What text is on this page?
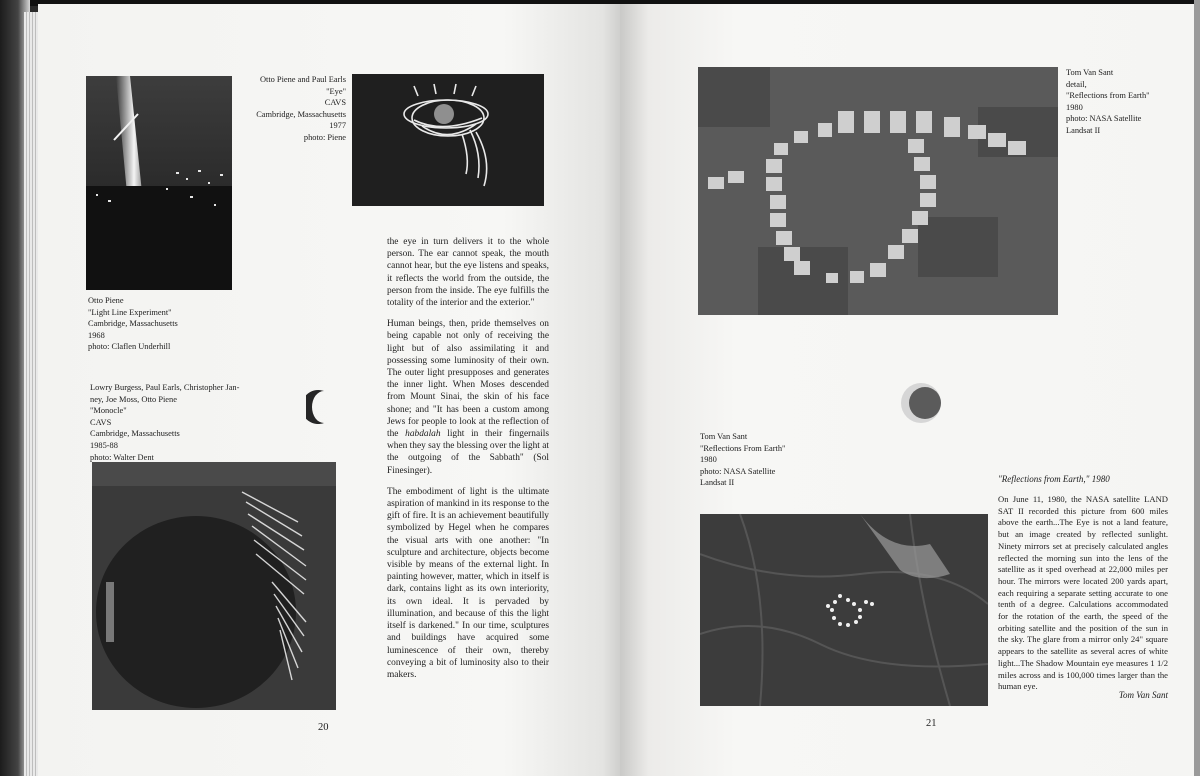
Otto Piene
"Light Line Experiment"
Cambridge, Massachusetts
1968
photo: Claflen Underhill
Otto Piene and Paul Earls
"Eye"
CAVS
Cambridge, Massachusetts
1977
photo: Piene
Lowry Burgess, Paul Earls, Christopher Jan-
ney, Joe Moss, Otto Piene
"Monocle"
CAVS
Cambridge, Massachusetts
1985-88
photo: Walter Dent

the eye in turn delivers it to the whole person. The ear cannot speak, the mouth cannot hear, but the eye listens and speaks, it reflects the world from the outside, the person from the inside. The eye fulfills the totality of the interior and the exterior."

Human beings, then, pride themselves on being capable not only of receiving the light but of also assimilating it and possessing some luminosity of their own. The outer light presupposes and generates the inner light. When Moses descended from Mount Sinai, the skin of his face shone; and "It has been a custom among Jews for people to look at the reflection of the habdalah light in their fingernails when they say the blessing over the light at the outgoing of the Sabbath" (Sol Finesinger).

The embodiment of light is the ultimate aspiration of mankind in its response to the gift of fire. It is an achievement beautifully symbolized by Hegel when he compares the visual arts with one another: "In sculpture and architecture, objects become visible by means of the external light. In painting however, matter, which in itself is dark, contains light as its own interiority, its own ideal. It is pervaded by illumination, and because of this the light itself is darkened." In our time, sculptures and buildings have acquired some luminescence of their own, thereby conveying a bit of luminosity also to their makers.

20
Tom Van Sant
detail,
"Reflections from Earth"
1980
photo: NASA Satellite
Landsat II
Tom Van Sant
"Reflections From Earth"
1980
photo: NASA Satellite
Landsat II	"Reflections from Earth," 1980
On June 11, 1980, the NASA satellite LAND SAT II recorded this picture from 600 miles above the earth...The Eye is not a land feature, but an image created by reflected sunlight. Ninety mirrors set at precisely calculated angles reflected the morning sun into the lens of the satellite as it sped overhead at 22,000 miles per hour. The mirrors were located 200 yards apart, each requiring a separate setting accurate to one tenth of a degree. Calculations accommodated for the rotation of the earth, the speed of the orbiting satellite and the position of the sun in the sky. The glare from a mirror only 24" square appears to the satellite as several acres of white light...The Shadow Mountain eye measures 1 1/2 miles across and is 100,000 times larger than the human eye.
Tom Van Sant
21
